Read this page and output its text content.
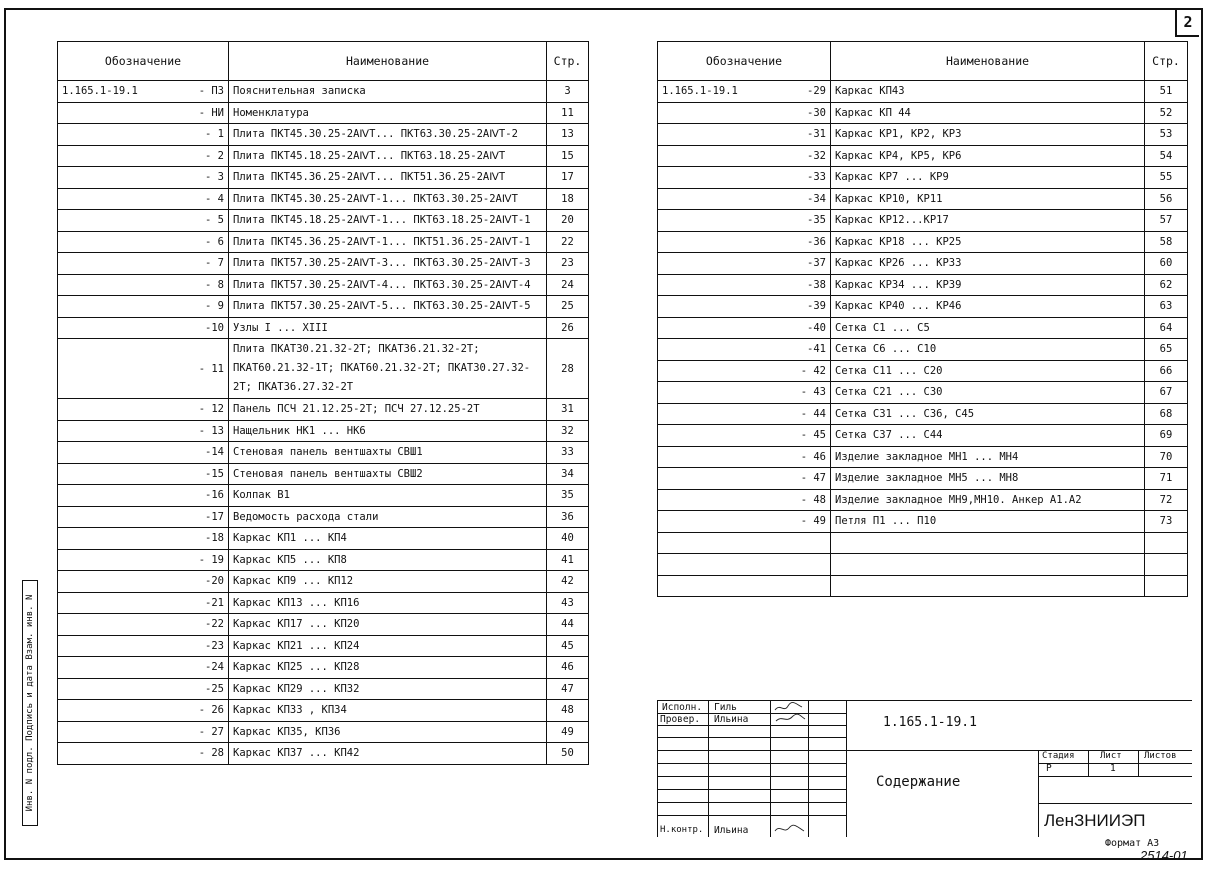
2
Инв. N подл. Подпись и дата Взам. инв. N
Обозначение	Наименование	Стр.

1.165.1-19.1 - ПЗ	Пояснительная записка	3
- НИ	Номенклатура	11
- 1	Плита ПКТ45.30.25-2АⅣТ... ПКТ63.30.25-2АⅣТ-2	13
- 2	Плита ПКТ45.18.25-2АⅣТ... ПКТ63.18.25-2АⅣТ	15
- 3	Плита ПКТ45.36.25-2АⅣТ... ПКТ51.36.25-2АⅣТ	17
- 4	Плита ПКТ45.30.25-2АⅣТ-1... ПКТ63.30.25-2АⅣТ	18
- 5	Плита ПКТ45.18.25-2АⅣТ-1... ПКТ63.18.25-2АⅣТ-1	20
- 6	Плита ПКТ45.36.25-2АⅣТ-1... ПКТ51.36.25-2АⅣТ-1	22
- 7	Плита ПКТ57.30.25-2АⅣТ-3... ПКТ63.30.25-2АⅣТ-3	23
- 8	Плита ПКТ57.30.25-2АⅣТ-4... ПКТ63.30.25-2АⅣТ-4	24
- 9	Плита ПКТ57.30.25-2АⅣТ-5... ПКТ63.30.25-2АⅣТ-5	25
-10	Узлы I ... XIII	26
- 11	Плита ПКАТ30.21.32-2Т; ПКАТ36.21.32-2Т; ПКАТ60.21.32-1Т; ПКАТ60.21.32-2Т; ПКАТ30.27.32-2Т; ПКАТ36.27.32-2Т	28
- 12	Панель ПСЧ 21.12.25-2Т; ПСЧ 27.12.25-2Т	31
- 13	Нащельник НК1 ... НК6	32
-14	Стеновая панель вентшахты СВШ1	33
-15	Стеновая панель вентшахты СВШ2	34
-16	Колпак В1	35
-17	Ведомость расхода стали	36
-18	Каркас КП1 ... КП4	40
- 19	Каркас КП5 ... КП8	41
-20	Каркас КП9 ... КП12	42
-21	Каркас КП13 ... КП16	43
-22	Каркас КП17 ... КП20	44
-23	Каркас КП21 ... КП24	45
-24	Каркас КП25 ... КП28	46
-25	Каркас КП29 ... КП32	47
- 26	Каркас КП33 , КП34	48
- 27	Каркас КП35, КП36	49
- 28	Каркас КП37 ... КП42	50
Обозначение	Наименование	Стр.

1.165.1-19.1 -29	Каркас КП43	51
-30	Каркас КП 44	52
-31	Каркас КР1, КР2, КР3	53
-32	Каркас КР4, КР5, КР6	54
-33	Каркас КР7 ... КР9	55
-34	Каркас КР10, КР11	56
-35	Каркас КР12...КР17	57
-36	Каркас КР18 ... КР25	58
-37	Каркас КР26 ... КР33	60
-38	Каркас КР34 ... КР39	62
-39	Каркас КР40 ... КР46	63
-40	Сетка С1 ... С5	64
-41	Сетка С6 ... С10	65
- 42	Сетка С11 ... С20	66
- 43	Сетка С21 ... С30	67
- 44	Сетка С31 ... С36, С45	68
- 45	Сетка С37 ... С44	69
- 46	Изделие закладное МН1 ... МН4	70
- 47	Изделие закладное МН5 ... МН8	71
- 48	Изделие закладное МН9,МН10. Анкер А1.А2	72
- 49	Петля П1 ... П10	73

Исполн. Гиль
Провер. Ильина
Н.контр. Ильина
1.165.1-19.1
Содержание
Стадия
Р
Лист
1
Листов
ЛенЗНИИЭП
Формат А3
2514-01
